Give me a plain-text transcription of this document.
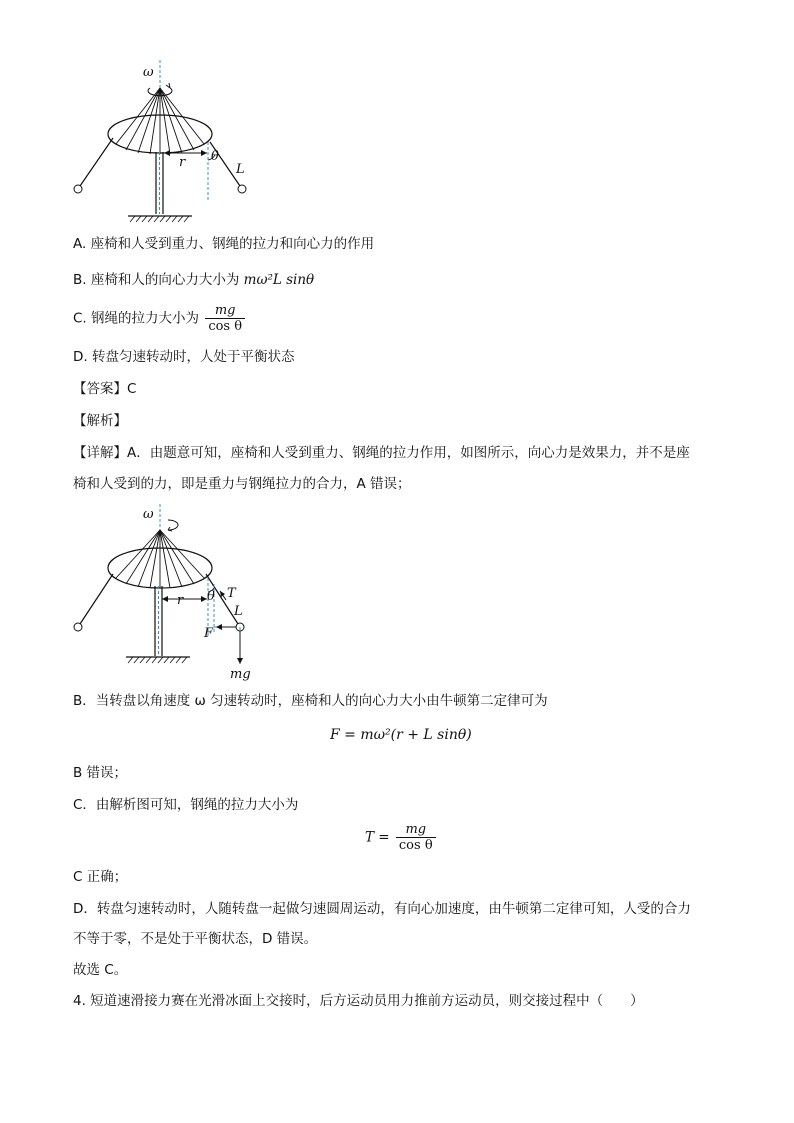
r θ
L
ω
A. 座椅和人受到重力、钢绳的拉力和向心力的作用
B. 座椅和人的向心力大小为 mω²L sinθ
C. 钢绳的拉力大小为 $\frac{mg}{\text{cos θ}}$
D. 转盘匀速转动时，人处于平衡状态
【答案】C
【解析】
【详解】A．由题意可知，座椅和人受到重力、钢绳的拉力作用，如图所示，向心力是效果力，并不是座
椅和人受到的力，即是重力与钢绳拉力的合力，A 错误；
r θ T
L
F
mg
ω
B．当转盘以角速度 ω 匀速转动时，座椅和人的向心力大小由牛顿第二定律可为
F = mω²(r + L sinθ)
B 错误；
C．由解析图可知，钢绳的拉力大小为
$T = \frac{mg}{\text{cos θ}}$
C 正确；
D．转盘匀速转动时，人随转盘一起做匀速圆周运动，有向心加速度，由牛顿第二定律可知，人受的合力
不等于零，不是处于平衡状态，D 错误。
故选 C。
4. 短道速滑接力赛在光滑冰面上交接时，后方运动员用力推前方运动员，则交接过程中（　　）
